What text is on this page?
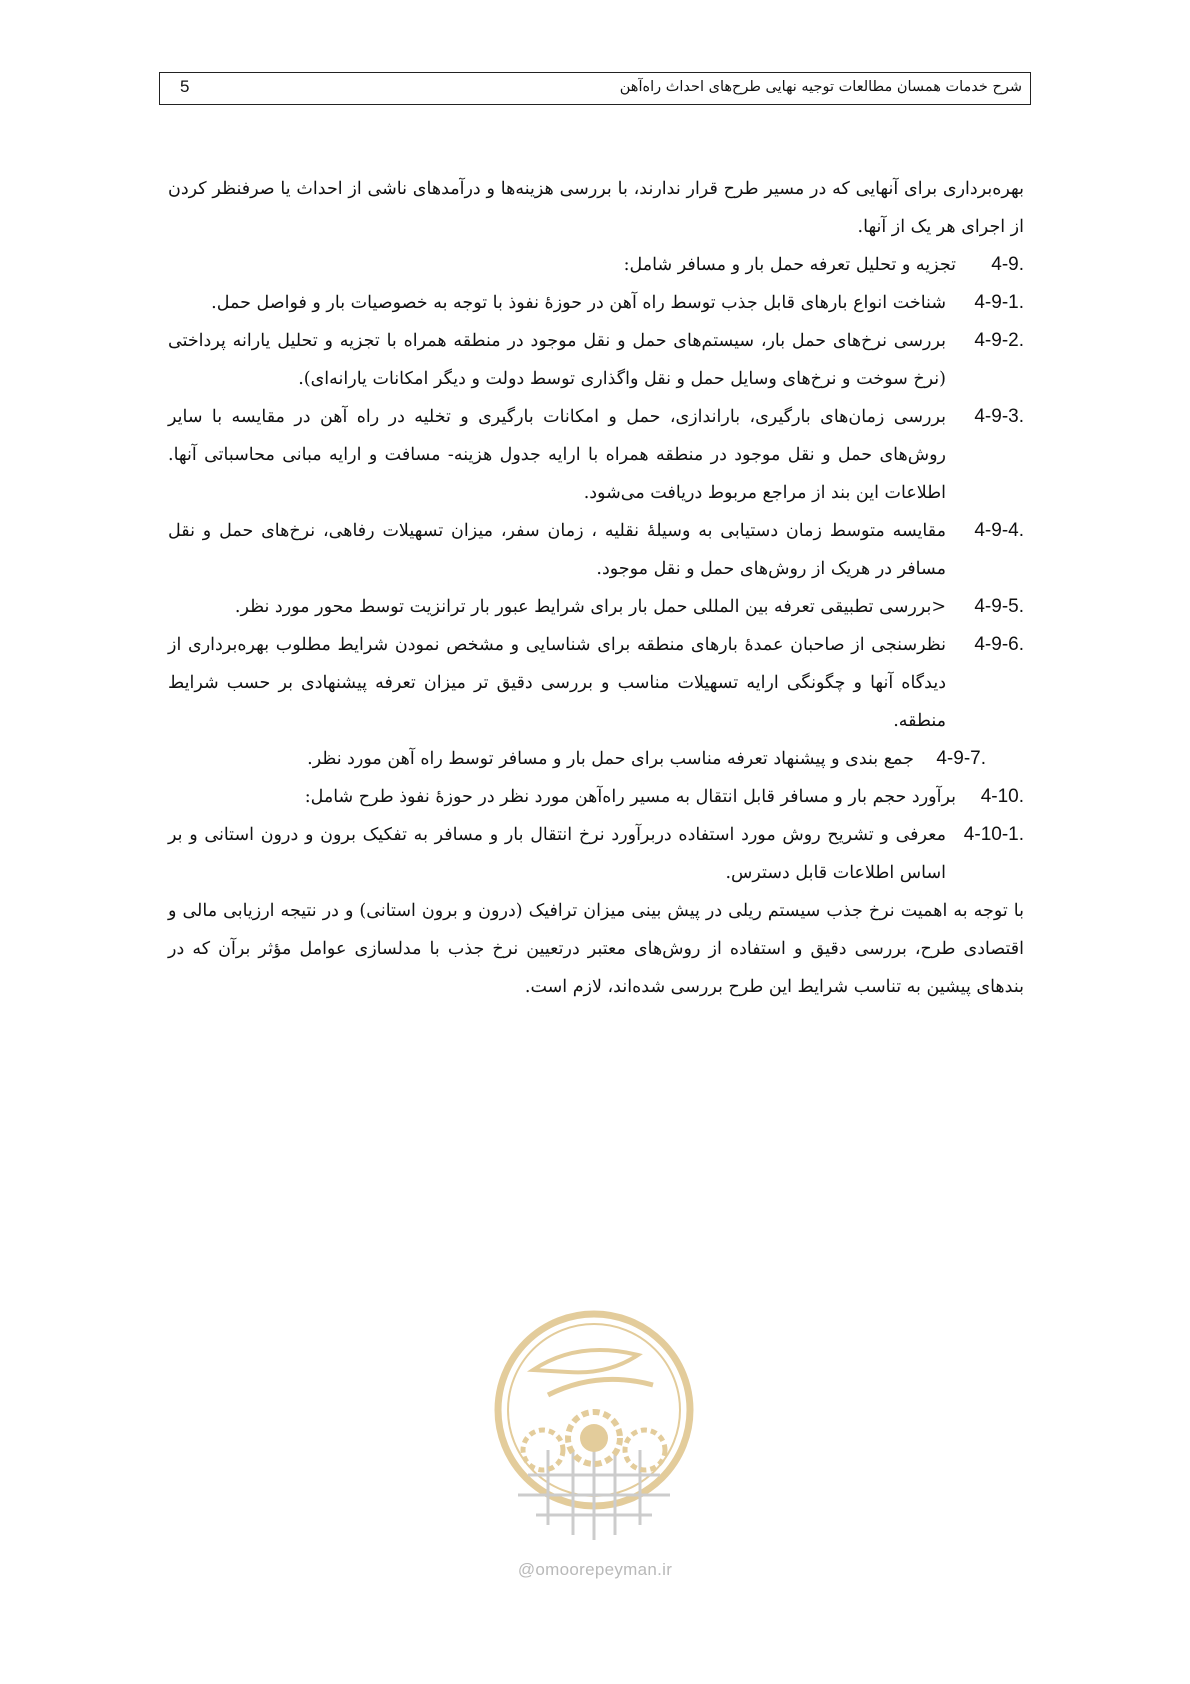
شرح خدمات همسان مطالعات توجیه نهایی طرح‌های احداث راه‌آهن
5

بهره‌برداری برای آنهایی که در مسیر طرح قرار ندارند، با بررسی هزینه‌ها و درآمدهای ناشی از احداث یا صرفنظر کردن از اجرای هر یک از آنها.

4-9.
تجزیه و تحلیل تعرفه حمل بار و مسافر شامل:

4-9-1.
شناخت انواع بارهای قابل جذب توسط راه آهن در حوزهٔ نفوذ با توجه به خصوصیات بار و فواصل حمل.

4-9-2.
بررسی نرخ‌های حمل بار، سیستم‌های حمل و نقل موجود در منطقه همراه با تجزیه و تحلیل یارانه پرداختی (نرخ سوخت و نرخ‌های وسایل حمل و نقل واگذاری توسط دولت و دیگر امکانات یارانه‌ای).

4-9-3.
بررسی زمان‌های بارگیری، باراندازی، حمل و امکانات بارگیری و تخلیه در راه آهن در مقایسه با سایر روش‌های حمل و نقل موجود در منطقه همراه با ارایه جدول هزینه- مسافت و ارایه مبانی محاسباتی آنها. اطلاعات این بند از مراجع مربوط دریافت می‌شود.

4-9-4.
مقایسه متوسط زمان دستیابی به وسیلهٔ نقلیه ، زمان سفر، میزان تسهیلات رفاهی، نرخ‌های حمل و نقل مسافر در هریک از روش‌های حمل و نقل موجود.

4-9-5.
<بررسی تطبیقی تعرفه بین المللی حمل بار برای شرایط عبور بار ترانزیت توسط محور مورد نظر.

4-9-6.
نظرسنجی از صاحبان عمدهٔ بارهای منطقه برای شناسایی و مشخص نمودن شرایط مطلوب بهره‌برداری از دیدگاه آنها و چگونگی ارایه تسهیلات مناسب و بررسی دقیق تر میزان تعرفه پیشنهادی بر حسب شرایط منطقه.

4-9-7.
جمع بندی و پیشنهاد تعرفه مناسب برای حمل بار و مسافر توسط راه آهن مورد نظر.

4-10.
برآورد حجم بار و مسافر قابل انتقال به مسیر راه‌آهن مورد نظر در حوزهٔ نفوذ طرح شامل:

4-10-1.
معرفی و تشریح روش مورد استفاده دربرآورد نرخ انتقال بار و مسافر به تفکیک برون و درون استانی و بر اساس اطلاعات قابل دسترس.

با توجه به اهمیت نرخ جذب سیستم ریلی در پیش بینی میزان ترافیک (درون و برون استانی) و در نتیجه ارزیابی مالی و اقتصادی طرح، بررسی دقیق و استفاده از روش‌های معتبر درتعیین نرخ جذب با مدلسازی عوامل مؤثر برآن که در بندهای پیشین به تناسب شرایط این طرح بررسی شده‌اند، لازم است.

@omoorepeyman.ir
